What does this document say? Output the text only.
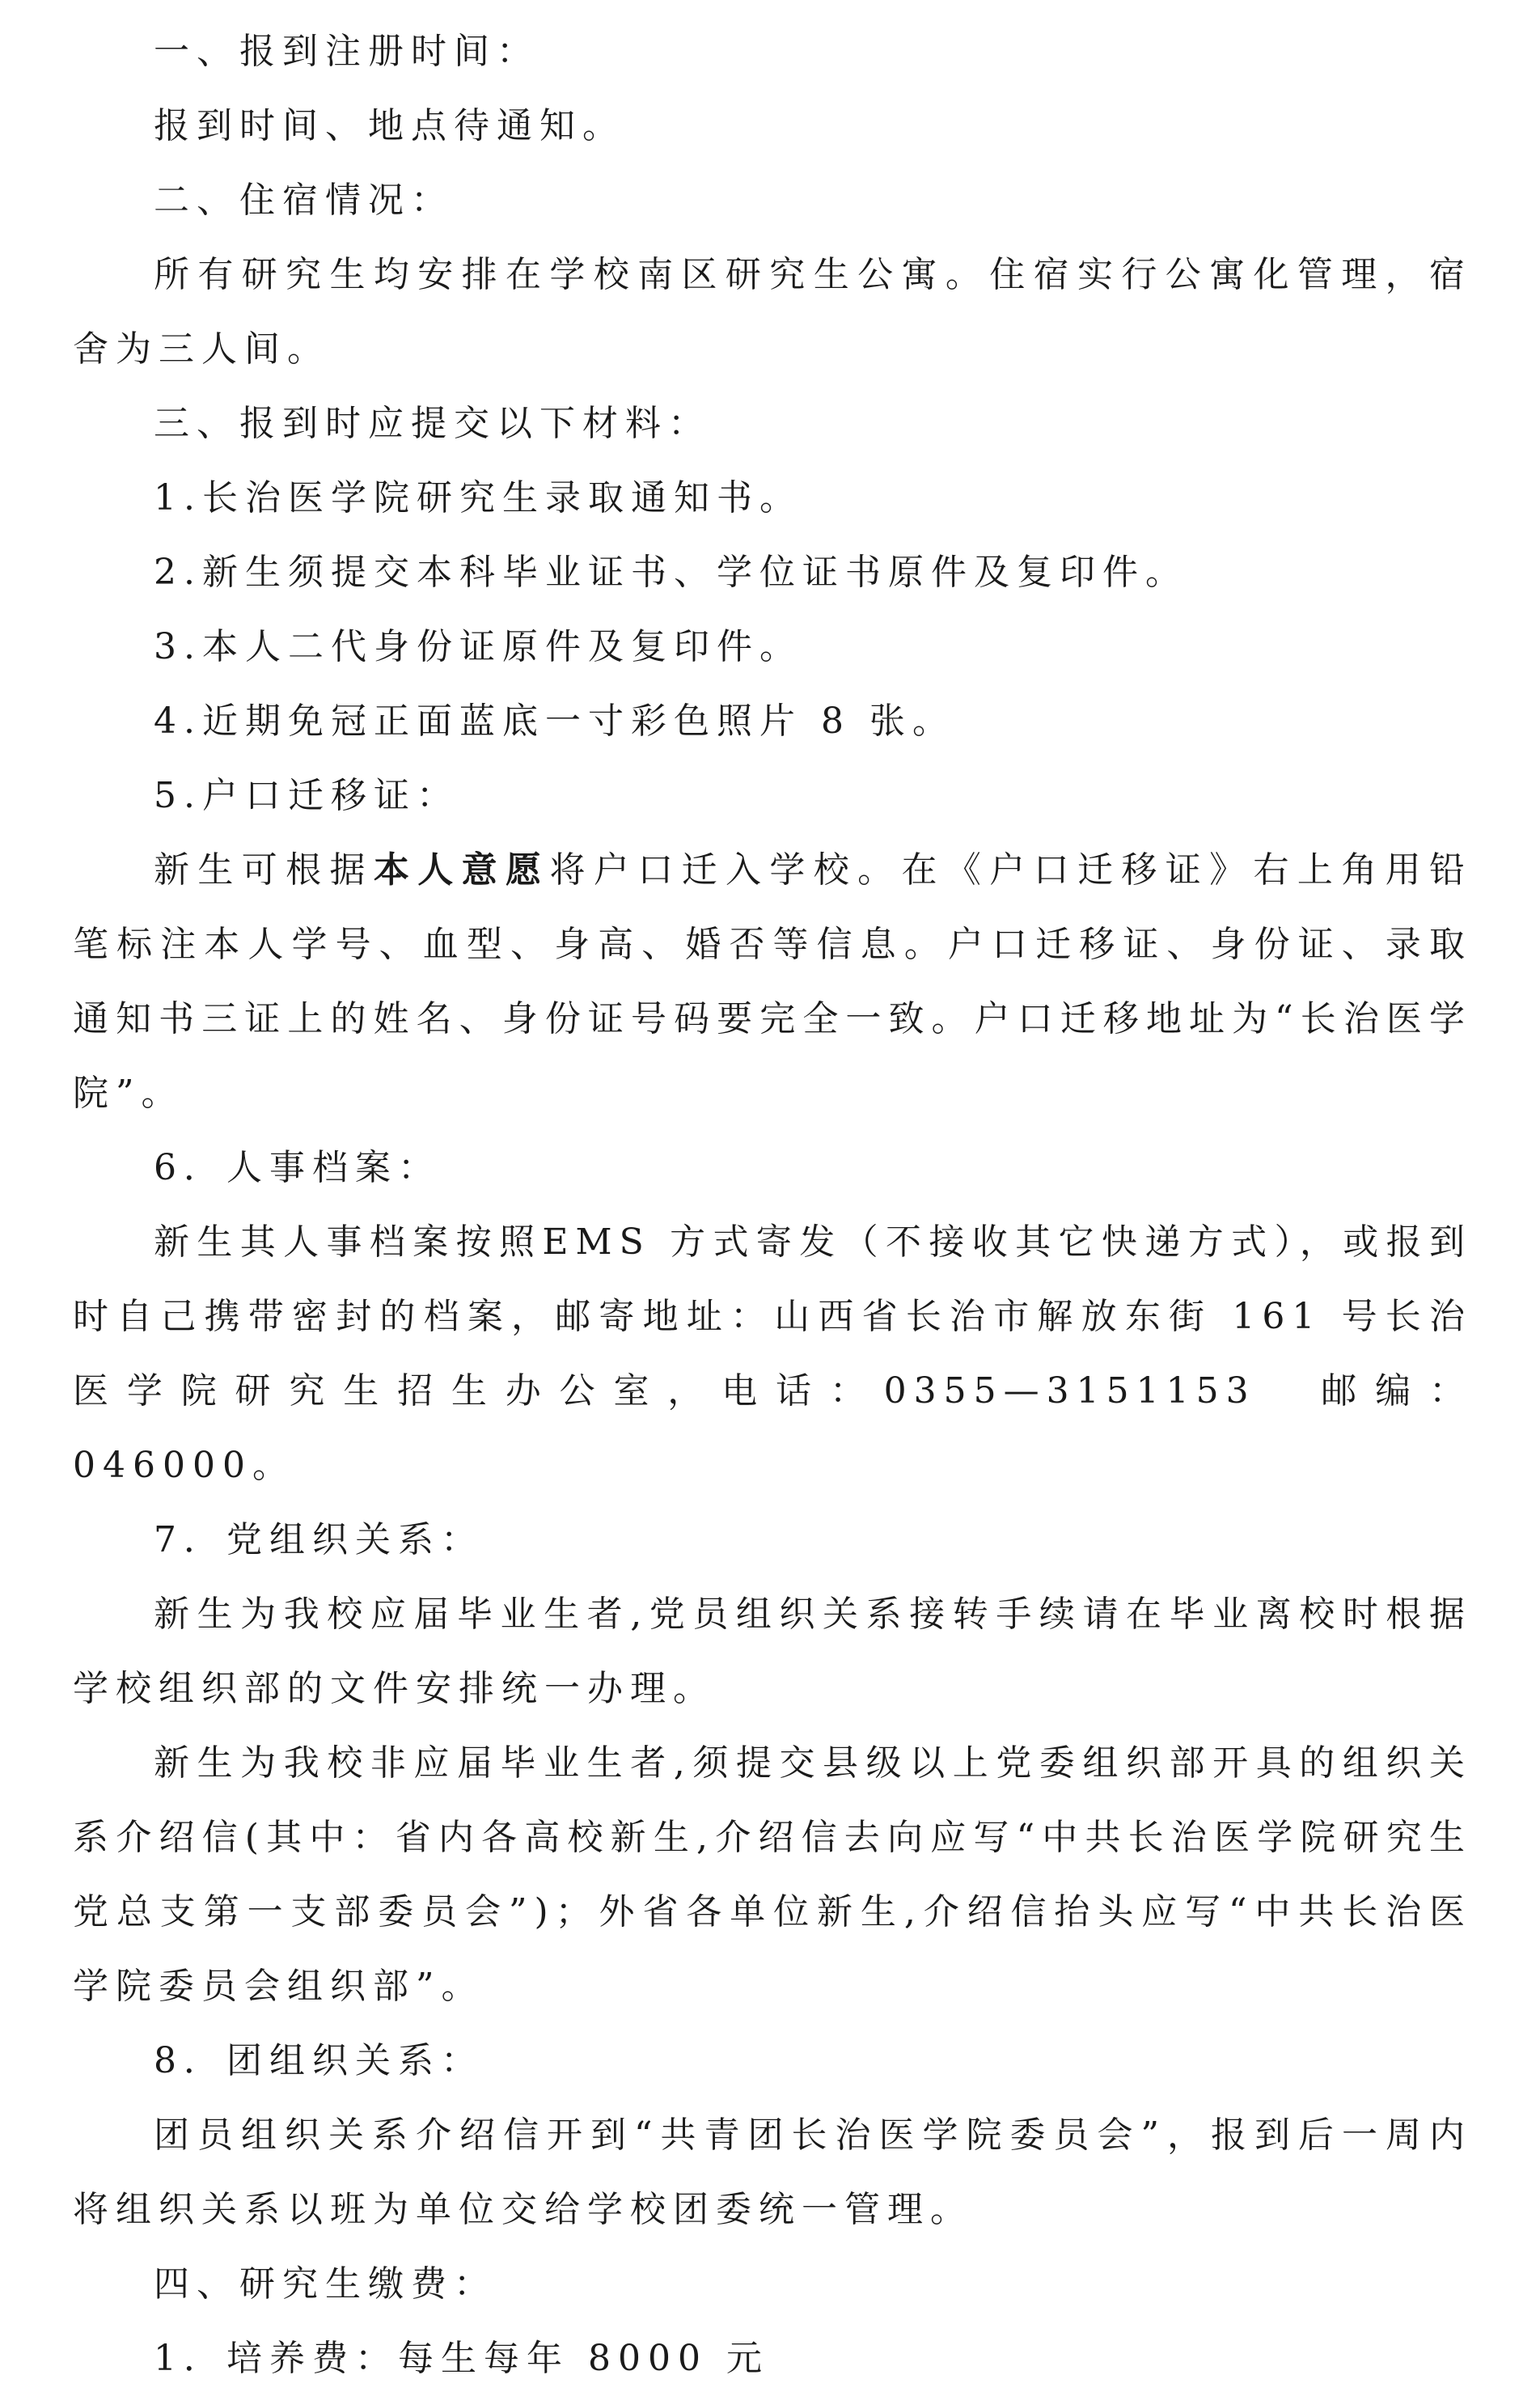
一、报到注册时间：

报到时间、地点待通知。

二、住宿情况：

所有研究生均安排在学校南区研究生公寓。住宿实行公寓化管理，宿舍为三人间。

三、报到时应提交以下材料：

1.长治医学院研究生录取通知书。

2.新生须提交本科毕业证书、学位证书原件及复印件。

3.本人二代身份证原件及复印件。

4.近期免冠正面蓝底一寸彩色照片 8 张。

5.户口迁移证：

新生可根据本人意愿将户口迁入学校。在《户口迁移证》右上角用铅笔标注本人学号、血型、身高、婚否等信息。户口迁移证、身份证、录取通知书三证上的姓名、身份证号码要完全一致。户口迁移地址为“长治医学院”。

6．人事档案：

新生其人事档案按照EMS 方式寄发（不接收其它快递方式），或报到时自己携带密封的档案，邮寄地址：山西省长治市解放东街 161 号长治医学院研究生招生办公室，电话：0355—3151153　邮编：046000。

7．党组织关系：

新生为我校应届毕业生者,党员组织关系接转手续请在毕业离校时根据学校组织部的文件安排统一办理。

新生为我校非应届毕业生者,须提交县级以上党委组织部开具的组织关系介绍信(其中：省内各高校新生,介绍信去向应写“中共长治医学院研究生党总支第一支部委员会”)；外省各单位新生,介绍信抬头应写“中共长治医学院委员会组织部”。

8．团组织关系：

团员组织关系介绍信开到“共青团长治医学院委员会”，报到后一周内将组织关系以班为单位交给学校团委统一管理。

四、研究生缴费：

1．培养费：每生每年 8000 元
